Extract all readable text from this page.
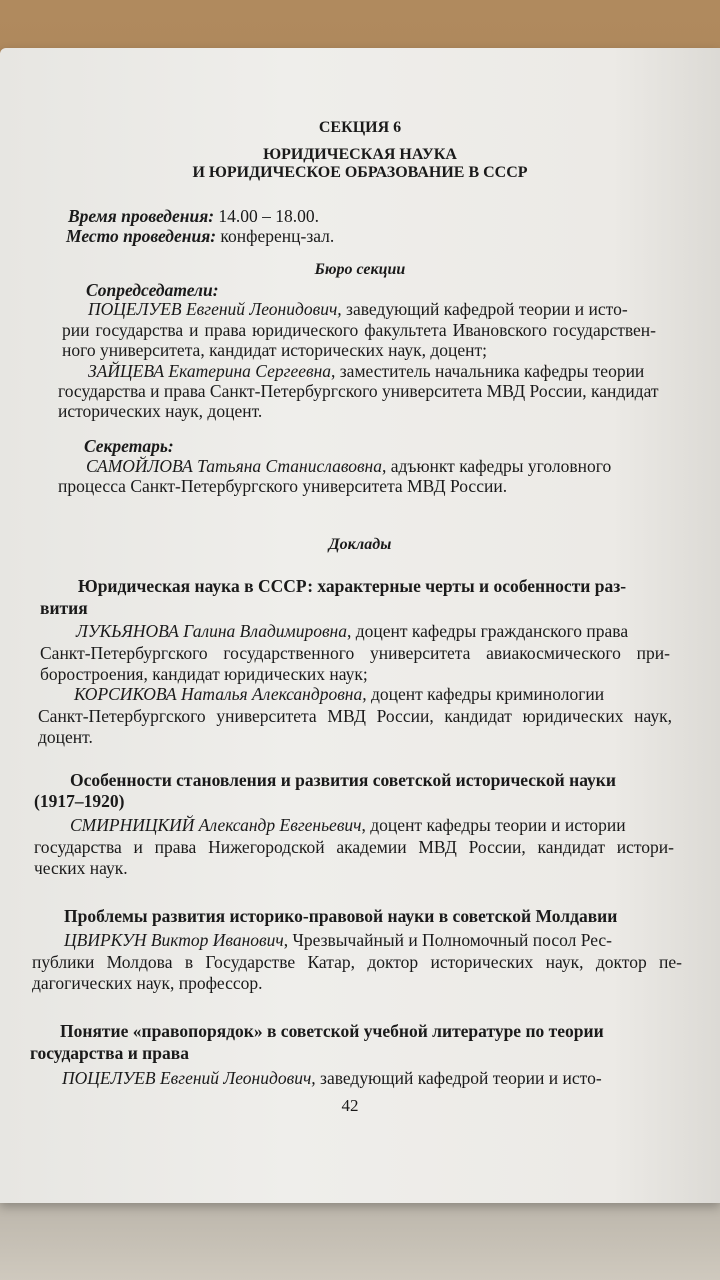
СЕКЦИЯ 6
ЮРИДИЧЕСКАЯ НАУКА
И ЮРИДИЧЕСКОЕ ОБРАЗОВАНИЕ В СССР
Время проведения: 14.00 – 18.00.
Место проведения: конференц-зал.
Бюро секции
Сопредседатели:
ПОЦЕЛУЕВ Евгений Леонидович, заведующий кафедрой теории и исто-
рии государства и права юридического факультета Ивановского государствен-
ного университета, кандидат исторических наук, доцент;
ЗАЙЦЕВА Екатерина Сергеевна, заместитель начальника кафедры теории
государства и права Санкт-Петербургского университета МВД России, кандидат
исторических наук, доцент.
Секретарь:
САМОЙЛОВА Татьяна Станиславовна, адъюнкт кафедры уголовного
процесса Санкт-Петербургского университета МВД России.
Доклады
Юридическая наука в СССР: характерные черты и особенности раз-
вития
ЛУКЬЯНОВА Галина Владимировна, доцент кафедры гражданского права
Санкт-Петербургского государственного университета авиакосмического при-
боростроения, кандидат юридических наук;
КОРСИКОВА Наталья Александровна, доцент кафедры криминологии
Санкт-Петербургского университета МВД России, кандидат юридических наук,
доцент.
Особенности становления и развития советской исторической науки
(1917–1920)
СМИРНИЦКИЙ Александр Евгеньевич, доцент кафедры теории и истории
государства и права Нижегородской академии МВД России, кандидат истори-
ческих наук.
Проблемы развития историко-правовой науки в советской Молдавии
ЦВИРКУН Виктор Иванович, Чрезвычайный и Полномочный посол Рес-
публики Молдова в Государстве Катар, доктор исторических наук, доктор пе-
дагогических наук, профессор.
Понятие «правопорядок» в советской учебной литературе по теории
государства и права
ПОЦЕЛУЕВ Евгений Леонидович, заведующий кафедрой теории и исто-
42
